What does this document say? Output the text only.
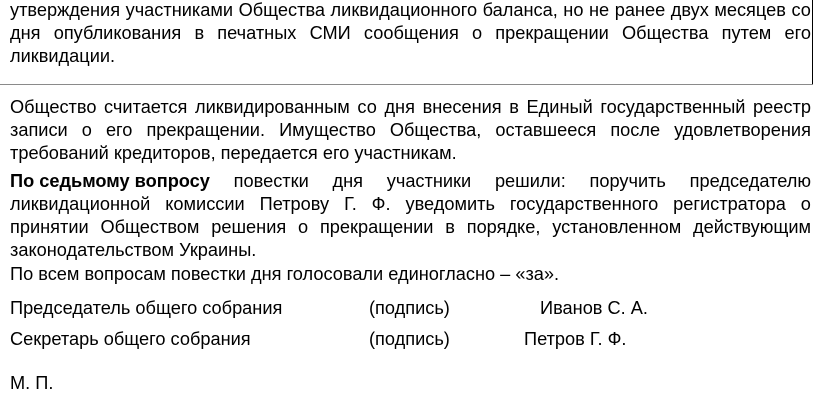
утверждения участниками Общества ликвидационного баланса, но не ранее двух месяцев со
дня опубликования в печатных СМИ сообщения о прекращении Общества путем его
ликвидации.
Общество считается ликвидированным со дня внесения в Единый государственный реестр
записи о его прекращении. Имущество Общества, оставшееся после удовлетворения
требований кредиторов, передается его участникам.
По седьмому вопросу повестки дня участники решили: поручить председателю
ликвидационной комиссии Петрову Г. Ф. уведомить государственного регистратора о
принятии Обществом решения о прекращении в порядке, установленном действующим
законодательством Украины.
По всем вопросам повестки дня голосовали единогласно – «за».
Председатель общего собрания	(подпись)	Иванов С. А.
Секретарь общего собрания	(подпись)	Петров Г. Ф.
М. П.
